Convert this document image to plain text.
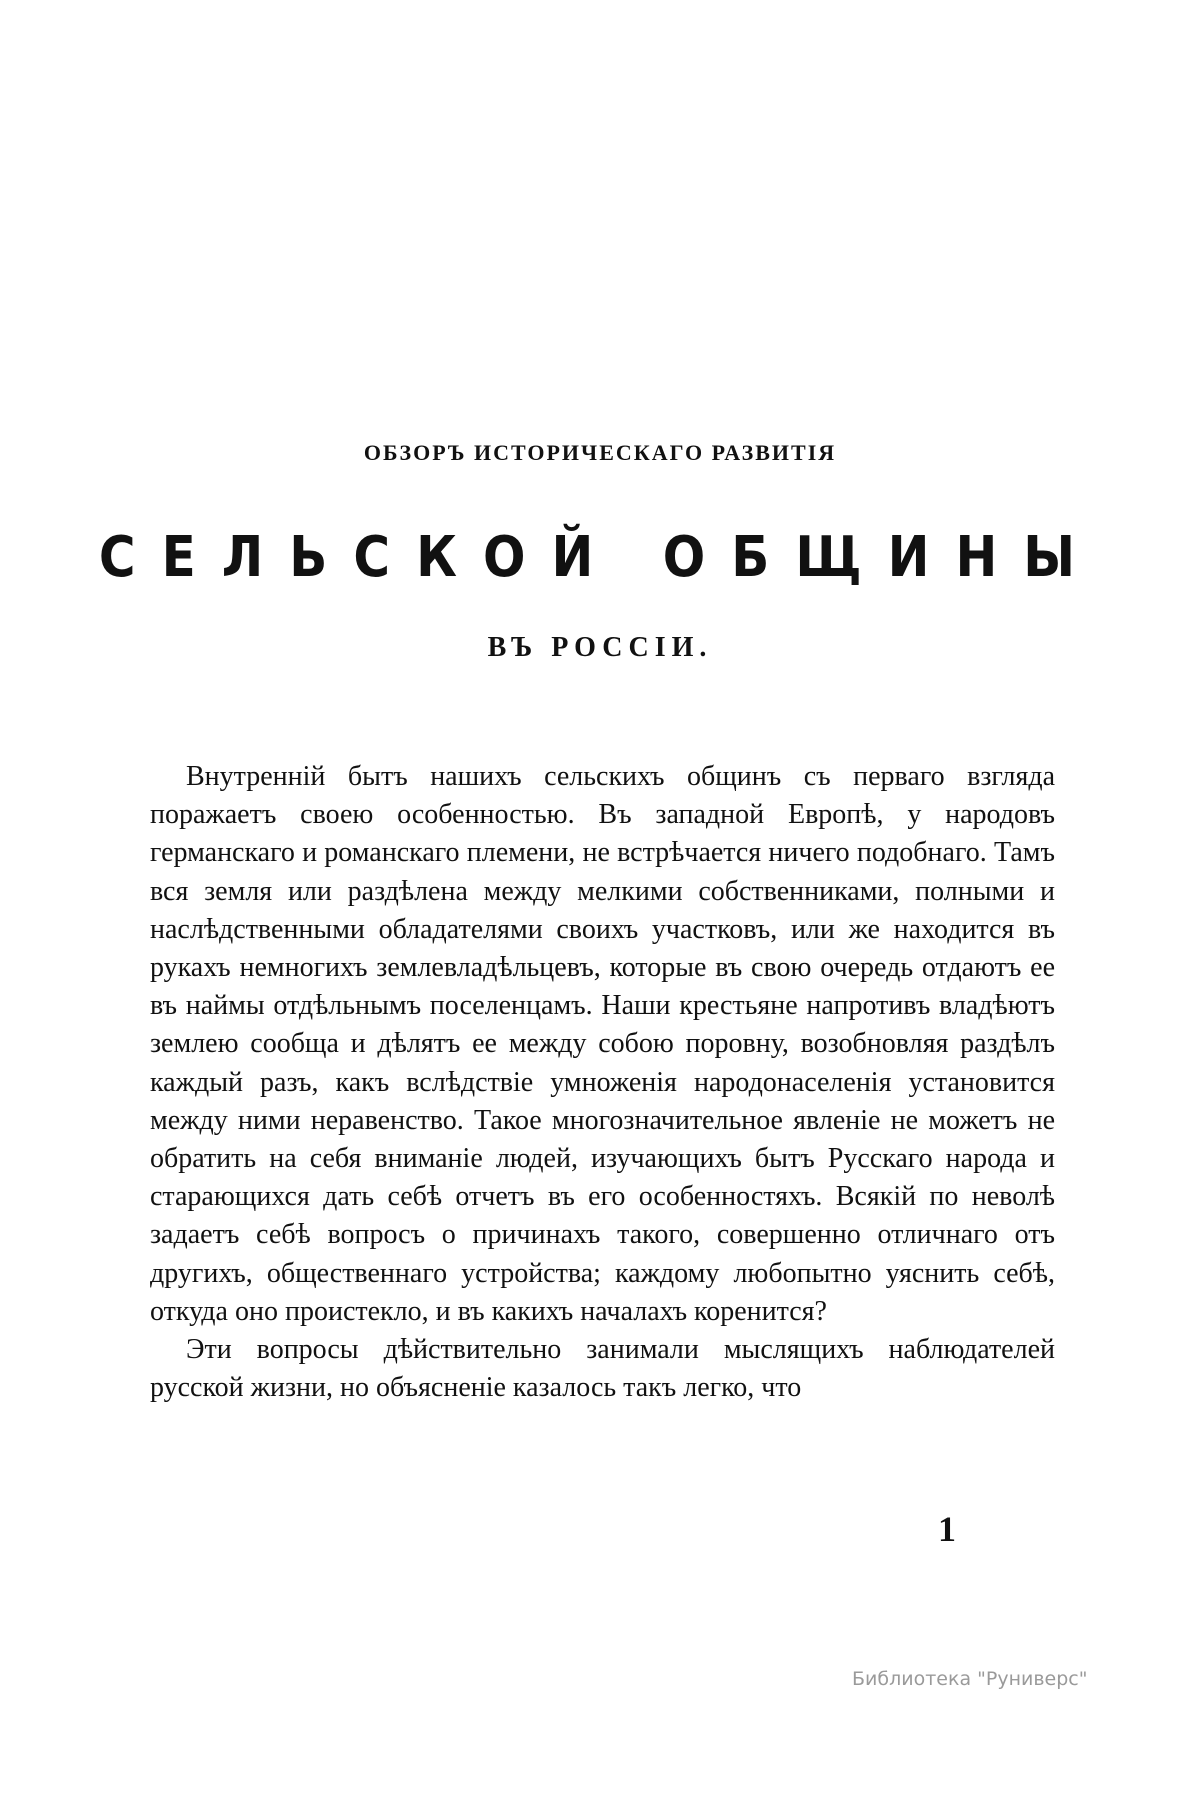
ОБЗОРЪ ИСТОРИЧЕСКАГО РАЗВИТІЯ
СЕЛЬСКОЙ ОБЩИНЫ
ВЪ РОССІИ.

Внутренній бытъ нашихъ сельскихъ общинъ съ перваго взгляда поражаетъ своею особенностью. Въ западной Европѣ, у народовъ германскаго и романскаго племени, не встрѣчается ничего подобнаго. Тамъ вся земля или раздѣлена между мелкими собственниками, полными и наслѣдственными обладателями своихъ участковъ, или же находится въ рукахъ немногихъ землевладѣльцевъ, которые въ свою очередь отдаютъ ее въ наймы отдѣльнымъ поселенцамъ. Наши крестьяне напротивъ владѣютъ землею сообща и дѣлятъ ее между собою поровну, возобновляя раздѣлъ каждый разъ, какъ вслѣдствіе умноженія народонаселенія установится между ними неравенство. Такое многозначительное явленіе не можетъ не обратить на себя вниманіе людей, изучающихъ бытъ Русскаго народа и старающихся дать себѣ отчетъ въ его особенностяхъ. Всякій по неволѣ задаетъ себѣ вопросъ о причинахъ такого, совершенно отличнаго отъ другихъ, общественнаго устройства; каждому любопытно уяснить себѣ, откуда оно проистекло, и въ какихъ началахъ коренится?

Эти вопросы дѣйствительно занимали мыслящихъ наблюдателей русской жизни, но объясненіе казалось такъ легко, что

1
Библиотека "Руниверс"
